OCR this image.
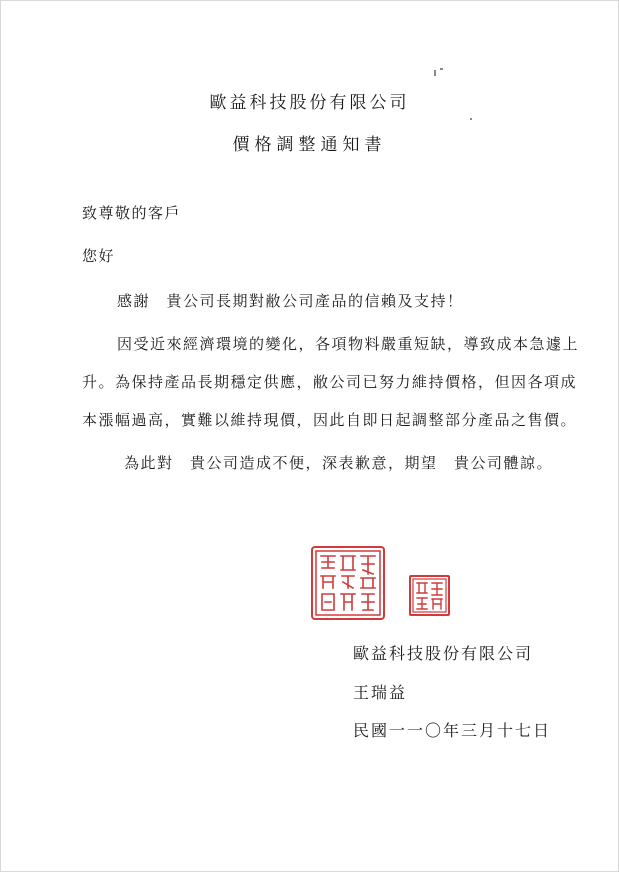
歐益科技股份有限公司
價格調整通知書
致尊敬的客戶
您好
感謝　貴公司長期對敝公司產品的信賴及支持！
因受近來經濟環境的變化，各項物料嚴重短缺，導致成本急遽上
升。為保持產品長期穩定供應，敝公司已努力維持價格，但因各項成
本漲幅過高，實難以維持現價，因此自即日起調整部分產品之售價。
為此對　貴公司造成不便，深表歉意，期望　貴公司體諒。
歐益科技股份有限公司
王瑞益
民國一一〇年三月十七日
